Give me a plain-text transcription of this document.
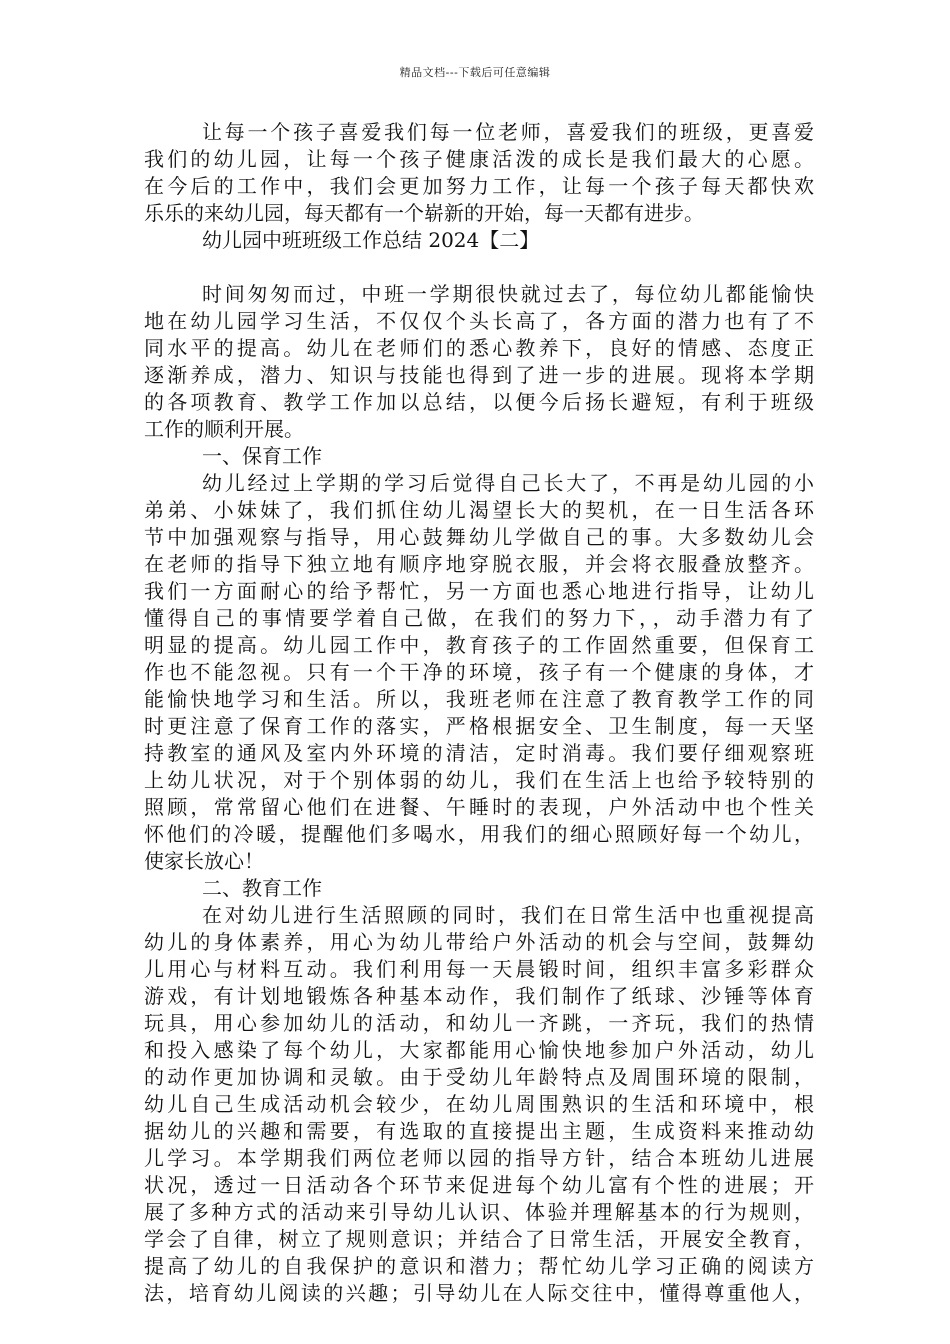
精品文档---下载后可任意编辑
让每一个孩子喜爱我们每一位老师，喜爱我们的班级，更喜爱
我们的幼儿园，让每一个孩子健康活泼的成长是我们最大的心愿。
在今后的工作中，我们会更加努力工作，让每一个孩子每天都快欢
乐乐的来幼儿园，每天都有一个崭新的开始，每一天都有进步。
幼儿园中班班级工作总结 2024【二】
时间匆匆而过，中班一学期很快就过去了，每位幼儿都能愉快
地在幼儿园学习生活，不仅仅个头长高了，各方面的潜力也有了不
同水平的提高。幼儿在老师们的悉心教养下，良好的情感、态度正
逐渐养成，潜力、知识与技能也得到了进一步的进展。现将本学期
的各项教育、教学工作加以总结，以便今后扬长避短，有利于班级
工作的顺利开展。
一、保育工作
幼儿经过上学期的学习后觉得自己长大了，不再是幼儿园的小
弟弟、小妹妹了，我们抓住幼儿渴望长大的契机，在一日生活各环
节中加强观察与指导，用心鼓舞幼儿学做自己的事。大多数幼儿会
在老师的指导下独立地有顺序地穿脱衣服，并会将衣服叠放整齐。
我们一方面耐心的给予帮忙，另一方面也悉心地进行指导，让幼儿
懂得自己的事情要学着自己做，在我们的努力下，，动手潜力有了
明显的提高。幼儿园工作中，教育孩子的工作固然重要，但保育工
作也不能忽视。只有一个干净的环境，孩子有一个健康的身体，才
能愉快地学习和生活。所以，我班老师在注意了教育教学工作的同
时更注意了保育工作的落实，严格根据安全、卫生制度，每一天坚
持教室的通风及室内外环境的清洁，定时消毒。我们要仔细观察班
上幼儿状况，对于个别体弱的幼儿，我们在生活上也给予较特别的
照顾，常常留心他们在进餐、午睡时的表现，户外活动中也个性关
怀他们的冷暖，提醒他们多喝水，用我们的细心照顾好每一个幼儿，
使家长放心！
二、教育工作
在对幼儿进行生活照顾的同时，我们在日常生活中也重视提高
幼儿的身体素养，用心为幼儿带给户外活动的机会与空间，鼓舞幼
儿用心与材料互动。我们利用每一天晨锻时间，组织丰富多彩群众
游戏，有计划地锻炼各种基本动作，我们制作了纸球、沙锤等体育
玩具，用心参加幼儿的活动，和幼儿一齐跳，一齐玩，我们的热情
和投入感染了每个幼儿，大家都能用心愉快地参加户外活动，幼儿
的动作更加协调和灵敏。由于受幼儿年龄特点及周围环境的限制，
幼儿自己生成活动机会较少，在幼儿周围熟识的生活和环境中，根
据幼儿的兴趣和需要，有选取的直接提出主题，生成资料来推动幼
儿学习。本学期我们两位老师以园的指导方针，结合本班幼儿进展
状况，透过一日活动各个环节来促进每个幼儿富有个性的进展；开
展了多种方式的活动来引导幼儿认识、体验并理解基本的行为规则，
学会了自律，树立了规则意识；并结合了日常生活，开展安全教育，
提高了幼儿的自我保护的意识和潜力；帮忙幼儿学习正确的阅读方
法，培育幼儿阅读的兴趣；引导幼儿在人际交往中，懂得尊重他人，
